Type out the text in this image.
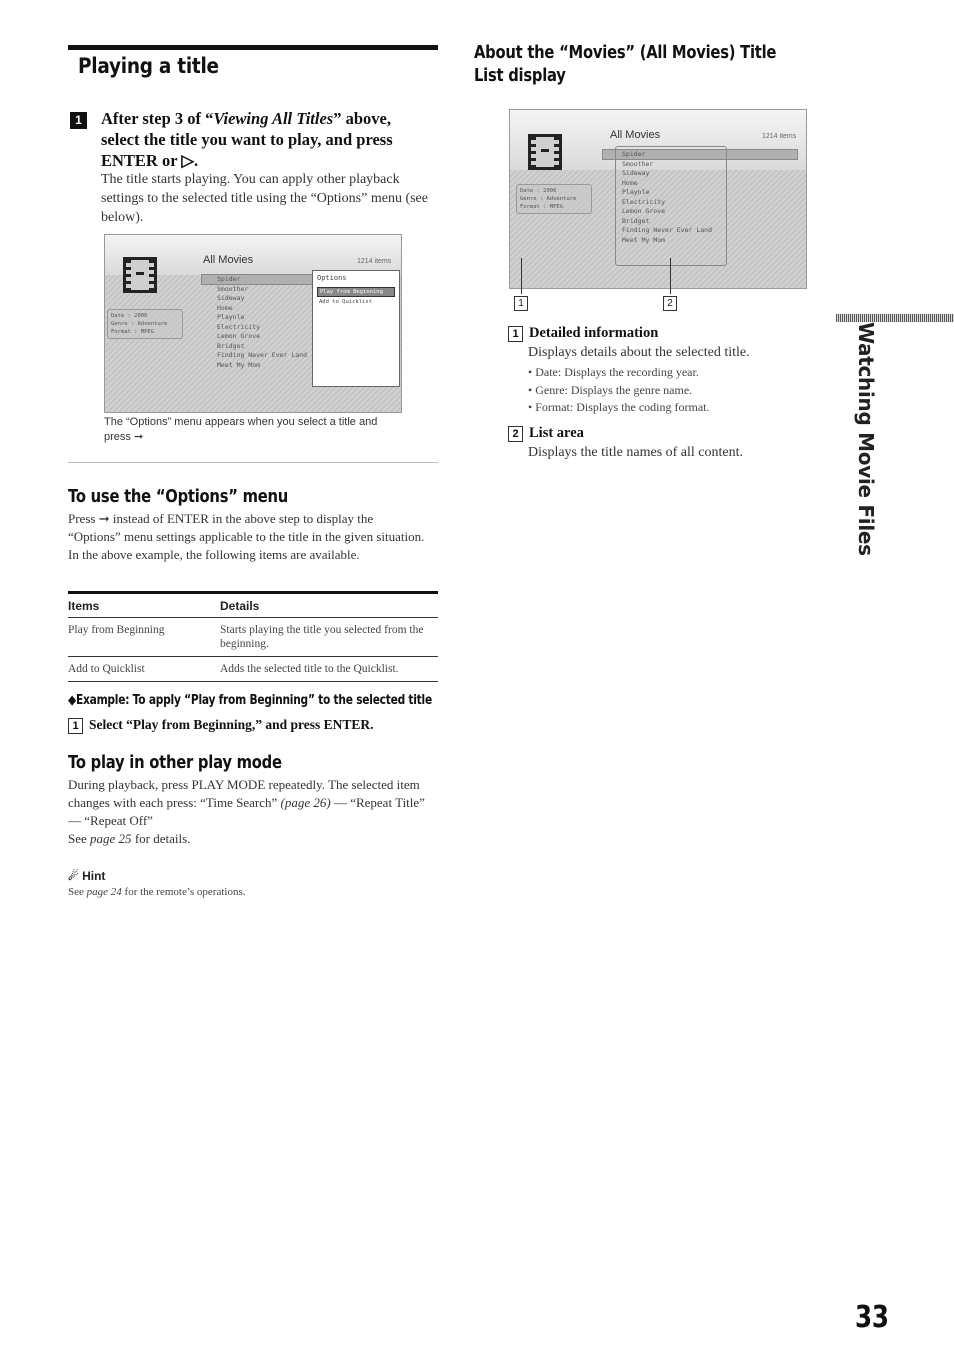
Playing a title
1	After step 3 of “Viewing All Titles” above, select the title you want to play, and press ENTER or ▷.
The title starts playing. You can apply other playback settings to the selected title using the “Options” menu (see below).
All Movies	1214 items
Spider
Smoother
Sideway
Home
Playnle
Electricity
Lemon Grove
Bridget
Finding Never Ever Land
Meet My Mom
Date : 2006
Genre : Adventure
Format : MPEG
Options
Play from Beginning
Add to Quicklist
The “Options” menu appears when you select a title and press ➞
To use the “Options” menu
Press ➞ instead of ENTER in the above step to display the “Options” menu settings applicable to the title in the given situation. In the above example, the following items are available.
Items	Details
Play from Beginning	Starts playing the title you selected from the beginning.
Add to Quicklist	Adds the selected title to the Quicklist.
◆Example: To apply “Play from Beginning” to the selected title
1 Select “Play from Beginning,” and press ENTER.
To play in other play mode
During playback, press PLAY MODE repeatedly. The selected item changes with each press: “Time Search” (page 26) — “Repeat Title” — “Repeat Off”
See page 25 for details.
☄ Hint
See page 24 for the remote’s operations.
About the “Movies” (All Movies) Title List display
All Movies	1214 items
Spider
Smoother
Sideway
Home
Playnle
Electricity
Lemon Grove
Bridget
Finding Never Ever Land
Meet My Mom
Date : 2006
Genre : Adventure
Format : MPEG
1	2
1 Detailed information
Displays details about the selected title.
• Date: Displays the recording year.
• Genre: Displays the genre name.
• Format: Displays the coding format.
2 List area
Displays the title names of all content.	Watching Movie Files
33
